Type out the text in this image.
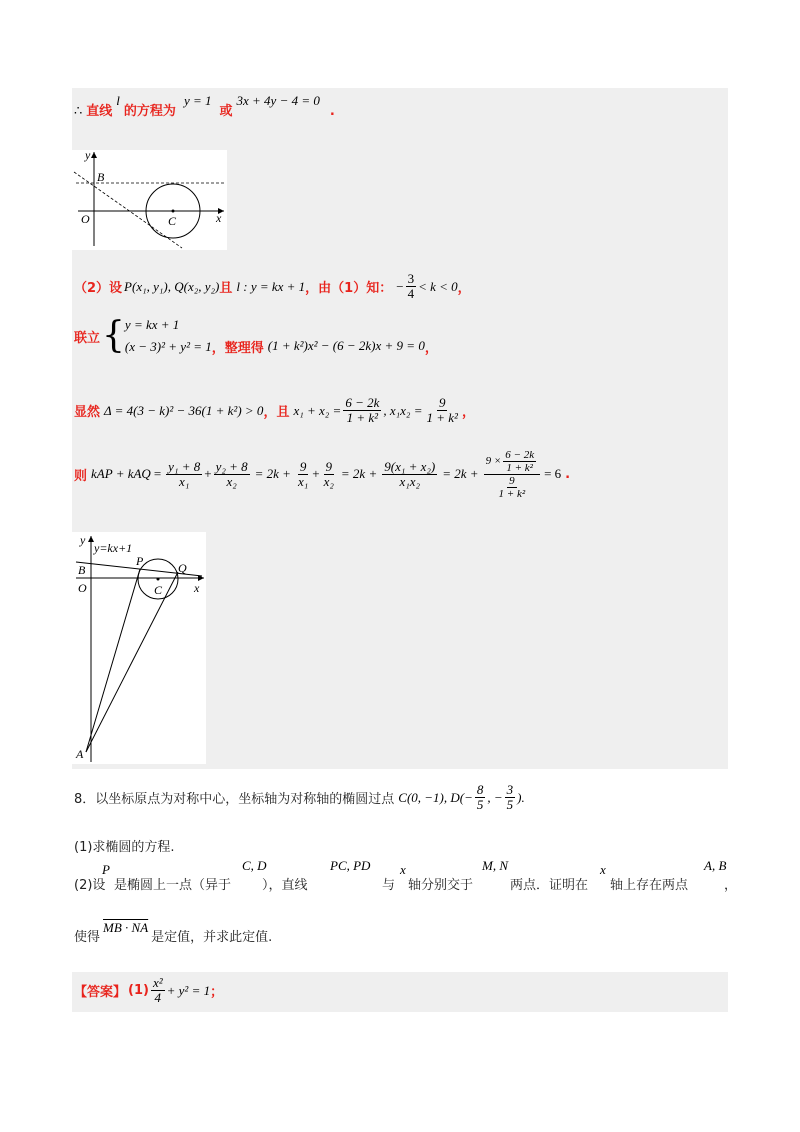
∴ 直线 $^l$ 的方程为 $^{y = 1}$ 或 $^{3x + 4y - 4 = 0}$ .
y
B
O	C	x
（2）设 P(x₁, y₁), Q(x₂, y₂) 且 l : y = kx + 1 ，由（1）知： − $\frac{3}{4} < k < 0$ ，
联立 { y = kx + 1
(x − 3)² + y² = 1 ， 整理得 (1 + k²)x² − (6 − 2k)x + 9 = 0 ，
显然 Δ = 4(3 − k)² − 36(1 + k²) > 0 ，且 $x_1 + x_2 = \frac{6 - 2k}{\text{1 + k²}}$ , $x_1x_2 = \frac{9}{\text{1 + k²}}$ ，
则 k AP + k AQ = $\frac{\text{y₁ + 8}}{\text{x₁}} + \frac{\text{y₂ + 8}}{\text{x₂}} = 2k + \frac{9}{\text{x₁}} + \frac{9}{\text{x₂}} = 2k + \frac{\text{9(x₁ + x₂)}}{\text{x₁x₂}} = 2k + \frac{9 \times \frac{6 - 2k}{\text{1 + k²}}}{\frac{9}{\text{1 + k²}}} = 6$ .
y
y=kx+1
P	Q
B
O	C	x
A
8．以坐标原点为对称中心，坐标轴为对称轴的椭圆过点 C(0, −1), $D(- \frac{8}{5}$ , − $\frac{3}{5}$ ).
(1)求椭圆的方程.
(2)设
P
是椭圆上一点（异于
C, D
），直线
PC, PD
与
x
轴分别交于
M, N
两点．证明在
x
轴上存在两点
A, B
，
使得
MB · NA
是定值，并求此定值.
【答案】 $(1) \frac{\text{x²}}{4} + y^2 = 1$ ；
